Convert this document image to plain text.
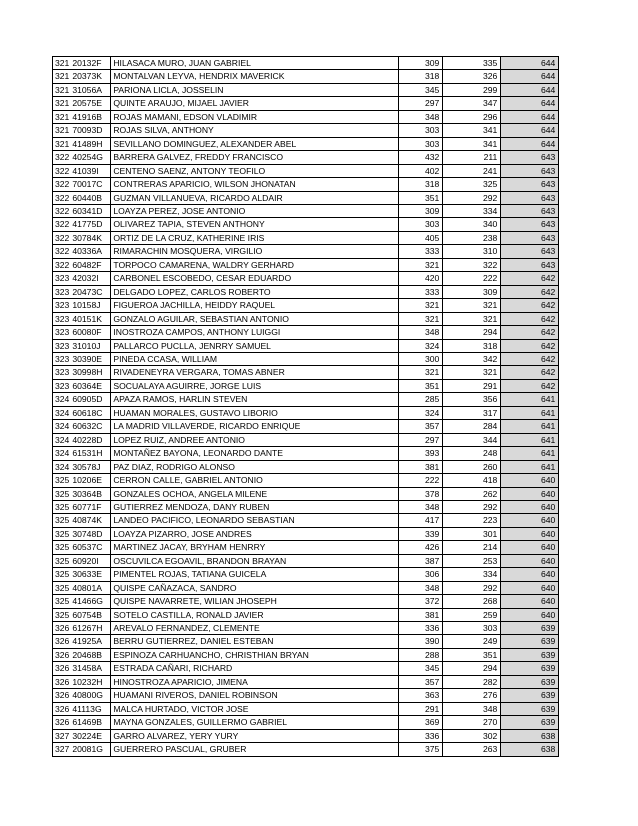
321	20132F	HILASACA MURO, JUAN GABRIEL	309	335	644
321	20373K	MONTALVAN LEYVA, HENDRIX MAVERICK	318	326	644
321	31056A	PARIONA LICLA, JOSSELIN	345	299	644
321	20575E	QUINTE ARAUJO, MIJAEL JAVIER	297	347	644
321	41916B	ROJAS MAMANI, EDSON VLADIMIR	348	296	644
321	70093D	ROJAS SILVA, ANTHONY	303	341	644
321	41489H	SEVILLANO DOMINGUEZ, ALEXANDER ABEL	303	341	644
322	40254G	BARRERA GALVEZ, FREDDY FRANCISCO	432	211	643
322	41039I	CENTENO SAENZ, ANTONY TEOFILO	402	241	643
322	70017C	CONTRERAS APARICIO, WILSON JHONATAN	318	325	643
322	60440B	GUZMAN VILLANUEVA, RICARDO ALDAIR	351	292	643
322	60341D	LOAYZA PEREZ, JOSE ANTONIO	309	334	643
322	41775D	OLIVAREZ TAPIA, STEVEN ANTHONY	303	340	643
322	30784K	ORTIZ DE LA CRUZ, KATHERINE IRIS	405	238	643
322	40336A	RIMARACHIN MOSQUERA, VIRGILIO	333	310	643
322	60482F	TORPOCO CAMARENA, WALDRY GERHARD	321	322	643
323	42032I	CARBONEL ESCOBEDO, CESAR EDUARDO	420	222	642
323	20473C	DELGADO LOPEZ, CARLOS ROBERTO	333	309	642
323	10158J	FIGUEROA JACHILLA, HEIDDY RAQUEL	321	321	642
323	40151K	GONZALO AGUILAR, SEBASTIAN ANTONIO	321	321	642
323	60080F	INOSTROZA CAMPOS, ANTHONY LUIGGI	348	294	642
323	31010J	PALLARCO PUCLLA, JENRRY SAMUEL	324	318	642
323	30390E	PINEDA CCASA, WILLIAM	300	342	642
323	30998H	RIVADENEYRA VERGARA, TOMAS ABNER	321	321	642
323	60364E	SOCUALAYA AGUIRRE, JORGE LUIS	351	291	642
324	60905D	APAZA RAMOS, HARLIN STEVEN	285	356	641
324	60618C	HUAMAN MORALES, GUSTAVO LIBORIO	324	317	641
324	60632C	LA MADRID VILLAVERDE, RICARDO ENRIQUE	357	284	641
324	40228D	LOPEZ RUIZ, ANDREE ANTONIO	297	344	641
324	61531H	MONTAÑEZ BAYONA, LEONARDO DANTE	393	248	641
324	30578J	PAZ DIAZ, RODRIGO ALONSO	381	260	641
325	10206E	CERRON CALLE, GABRIEL ANTONIO	222	418	640
325	30364B	GONZALES OCHOA, ANGELA MILENE	378	262	640
325	60771F	GUTIERREZ MENDOZA, DANY RUBEN	348	292	640
325	40874K	LANDEO PACIFICO, LEONARDO SEBASTIAN	417	223	640
325	30748D	LOAYZA PIZARRO, JOSE ANDRES	339	301	640
325	60537C	MARTINEZ JACAY, BRYHAM HENRRY	426	214	640
325	60920I	OSCUVILCA EGOAVIL, BRANDON BRAYAN	387	253	640
325	30633E	PIMENTEL ROJAS, TATIANA GUICELA	306	334	640
325	40801A	QUISPE CAÑAZACA, SANDRO	348	292	640
325	41466G	QUISPE NAVARRETE, WILIAN JHOSEPH	372	268	640
325	60754B	SOTELO CASTILLA, RONALD JAVIER	381	259	640
326	61267H	AREVALO FERNANDEZ, CLEMENTE	336	303	639
326	41925A	BERRU GUTIERREZ, DANIEL ESTEBAN	390	249	639
326	20468B	ESPINOZA CARHUANCHO, CHRISTHIAN BRYAN	288	351	639
326	31458A	ESTRADA CAÑARI, RICHARD	345	294	639
326	10232H	HINOSTROZA APARICIO, JIMENA	357	282	639
326	40800G	HUAMANI RIVEROS, DANIEL ROBINSON	363	276	639
326	41113G	MALCA HURTADO, VICTOR JOSE	291	348	639
326	61469B	MAYNA GONZALES, GUILLERMO GABRIEL	369	270	639
327	30224E	GARRO ALVAREZ, YERY YURY	336	302	638
327	20081G	GUERRERO PASCUAL, GRUBER	375	263	638
